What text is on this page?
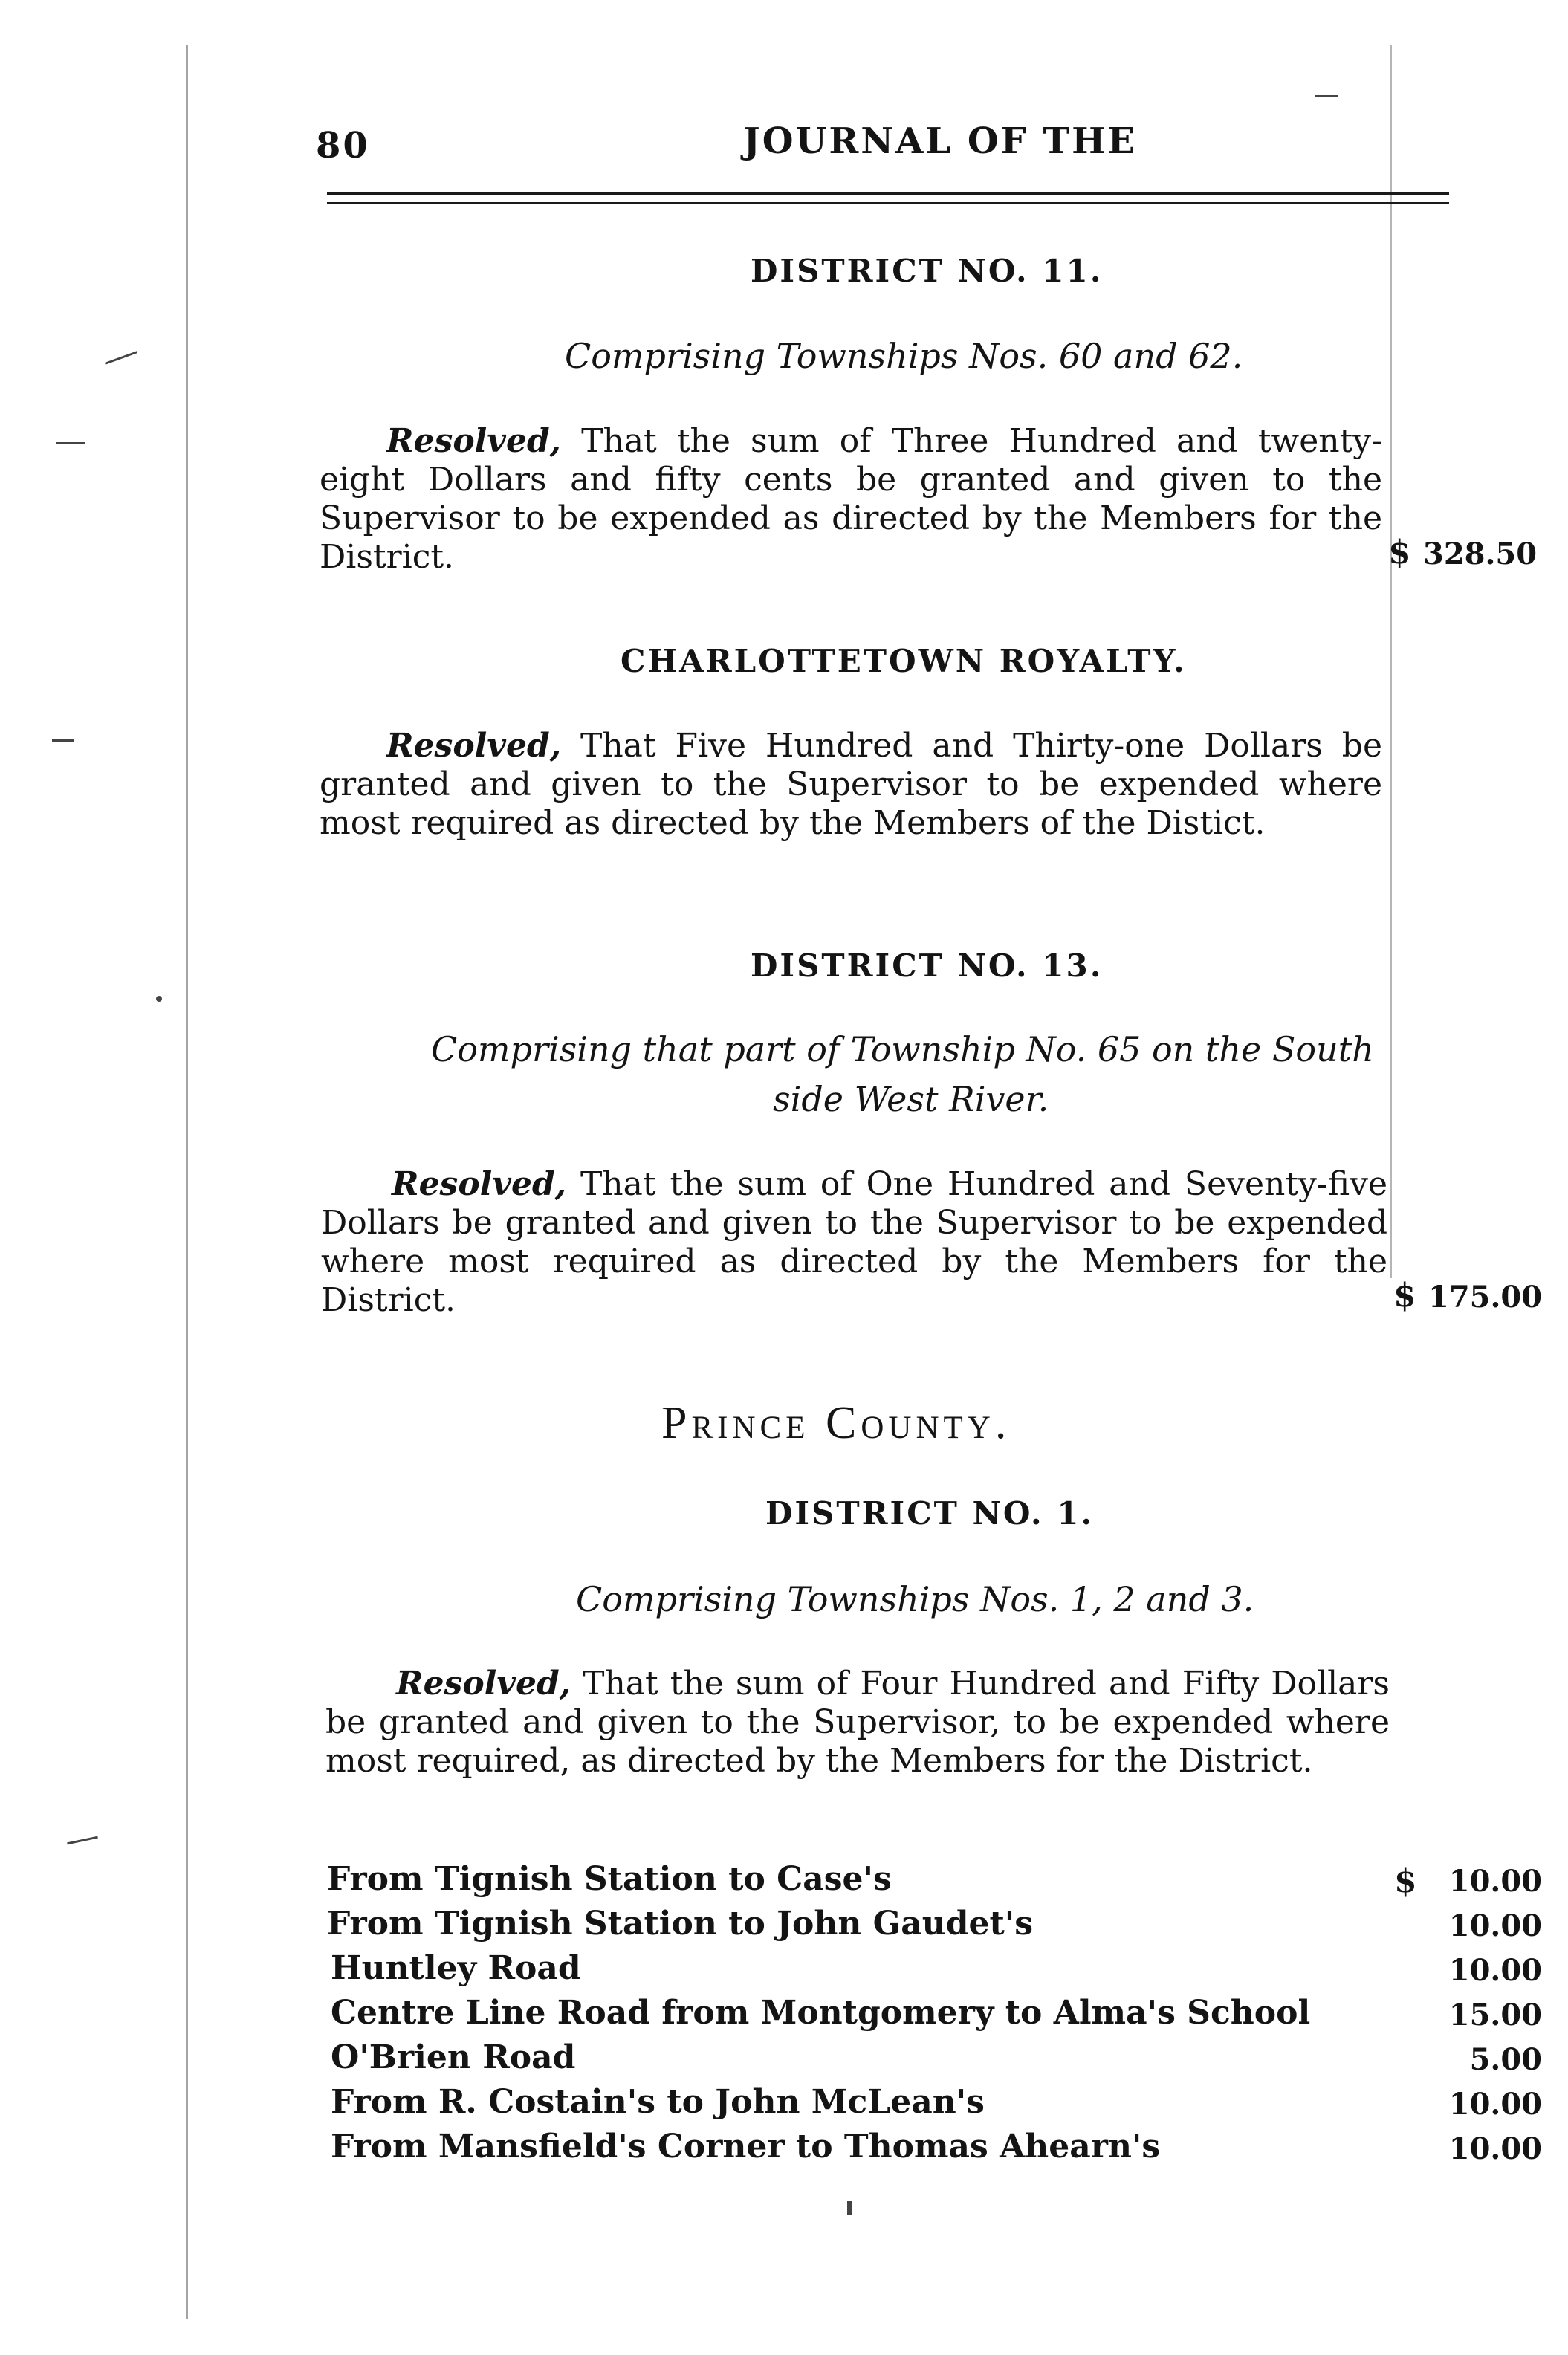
80	JOURNAL OF THE
DISTRICT NO. 11.
Comprising Townships Nos. 60 and 62.

Resolved, That the sum of Three Hundred and twenty-eight Dollars and fifty cents be granted and given to the Supervisor to be expended as directed by the Members for the District.	$ 328.50
CHARLOTTETOWN ROYALTY.

Resolved, That Five Hundred and Thirty-one Dollars be granted and given to the Supervisor to be expended where most required as directed by the Members of the Distict.

DISTRICT NO. 13.
Comprising that part of Township No. 65 on the South
side West River.

Resolved, That the sum of One Hundred and Seventy-five Dollars be granted and given to the Supervisor to be expended where most required as directed by the Members for the District.	$ 175.00
Prince County.
DISTRICT NO. 1.
Comprising Townships Nos. 1, 2 and 3.

Resolved, That the sum of Four Hundred and Fifty Dollars be granted and given to the Supervisor, to be expended where most required, as directed by the Members for the District.

$
From Tignish Station to Case's	10.00
From Tignish Station to John Gaudet's	10.00
Huntley Road	10.00
Centre Line Road from Montgomery to Alma's School	15.00
O'Brien Road	5.00
From R. Costain's to John McLean's	10.00
From Mansfield's Corner to Thomas Ahearn's	10.00
